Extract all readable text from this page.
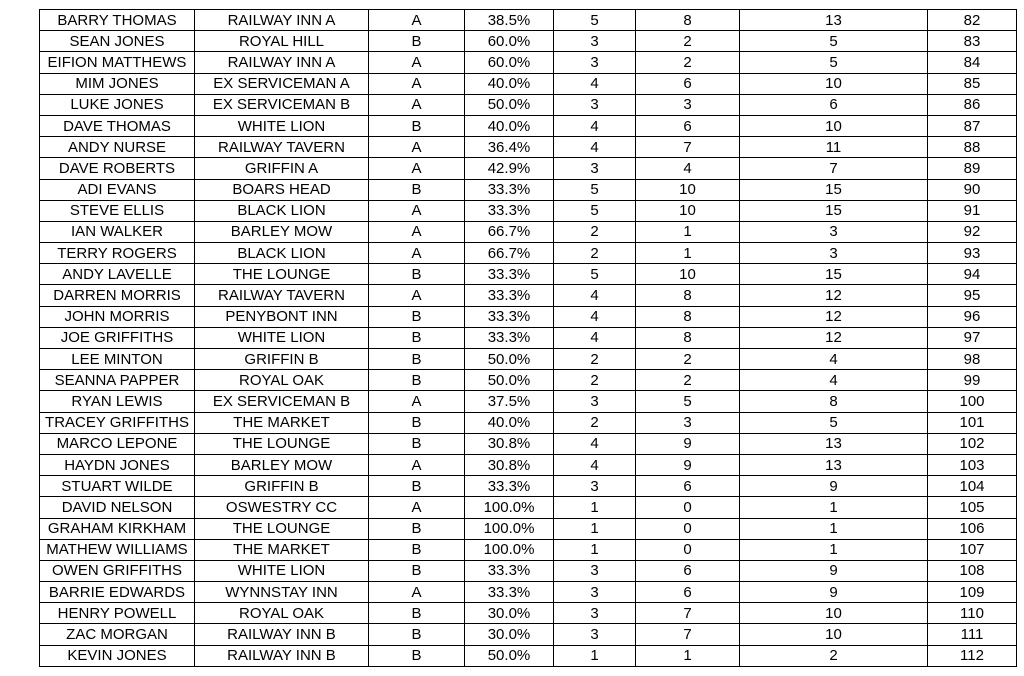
BARRY THOMAS	RAILWAY INN A	A	38.5%	5	8	13	82
SEAN JONES	ROYAL HILL	B	60.0%	3	2	5	83
EIFION MATTHEWS	RAILWAY INN A	A	60.0%	3	2	5	84
MIM JONES	EX SERVICEMAN A	A	40.0%	4	6	10	85
LUKE JONES	EX SERVICEMAN B	A	50.0%	3	3	6	86
DAVE THOMAS	WHITE LION	B	40.0%	4	6	10	87
ANDY NURSE	RAILWAY TAVERN	A	36.4%	4	7	11	88
DAVE ROBERTS	GRIFFIN A	A	42.9%	3	4	7	89
ADI EVANS	BOARS HEAD	B	33.3%	5	10	15	90
STEVE ELLIS	BLACK LION	A	33.3%	5	10	15	91
IAN WALKER	BARLEY MOW	A	66.7%	2	1	3	92
TERRY ROGERS	BLACK LION	A	66.7%	2	1	3	93
ANDY LAVELLE	THE LOUNGE	B	33.3%	5	10	15	94
DARREN MORRIS	RAILWAY TAVERN	A	33.3%	4	8	12	95
JOHN MORRIS	PENYBONT INN	B	33.3%	4	8	12	96
JOE GRIFFITHS	WHITE LION	B	33.3%	4	8	12	97
LEE MINTON	GRIFFIN B	B	50.0%	2	2	4	98
SEANNA PAPPER	ROYAL OAK	B	50.0%	2	2	4	99
RYAN LEWIS	EX SERVICEMAN B	A	37.5%	3	5	8	100
TRACEY GRIFFITHS	THE MARKET	B	40.0%	2	3	5	101
MARCO LEPONE	THE LOUNGE	B	30.8%	4	9	13	102
HAYDN JONES	BARLEY MOW	A	30.8%	4	9	13	103
STUART WILDE	GRIFFIN B	B	33.3%	3	6	9	104
DAVID NELSON	OSWESTRY CC	A	100.0%	1	0	1	105
GRAHAM KIRKHAM	THE LOUNGE	B	100.0%	1	0	1	106
MATHEW WILLIAMS	THE MARKET	B	100.0%	1	0	1	107
OWEN GRIFFITHS	WHITE LION	B	33.3%	3	6	9	108
BARRIE EDWARDS	WYNNSTAY INN	A	33.3%	3	6	9	109
HENRY POWELL	ROYAL OAK	B	30.0%	3	7	10	110
ZAC MORGAN	RAILWAY INN B	B	30.0%	3	7	10	111
KEVIN JONES	RAILWAY INN B	B	50.0%	1	1	2	112
